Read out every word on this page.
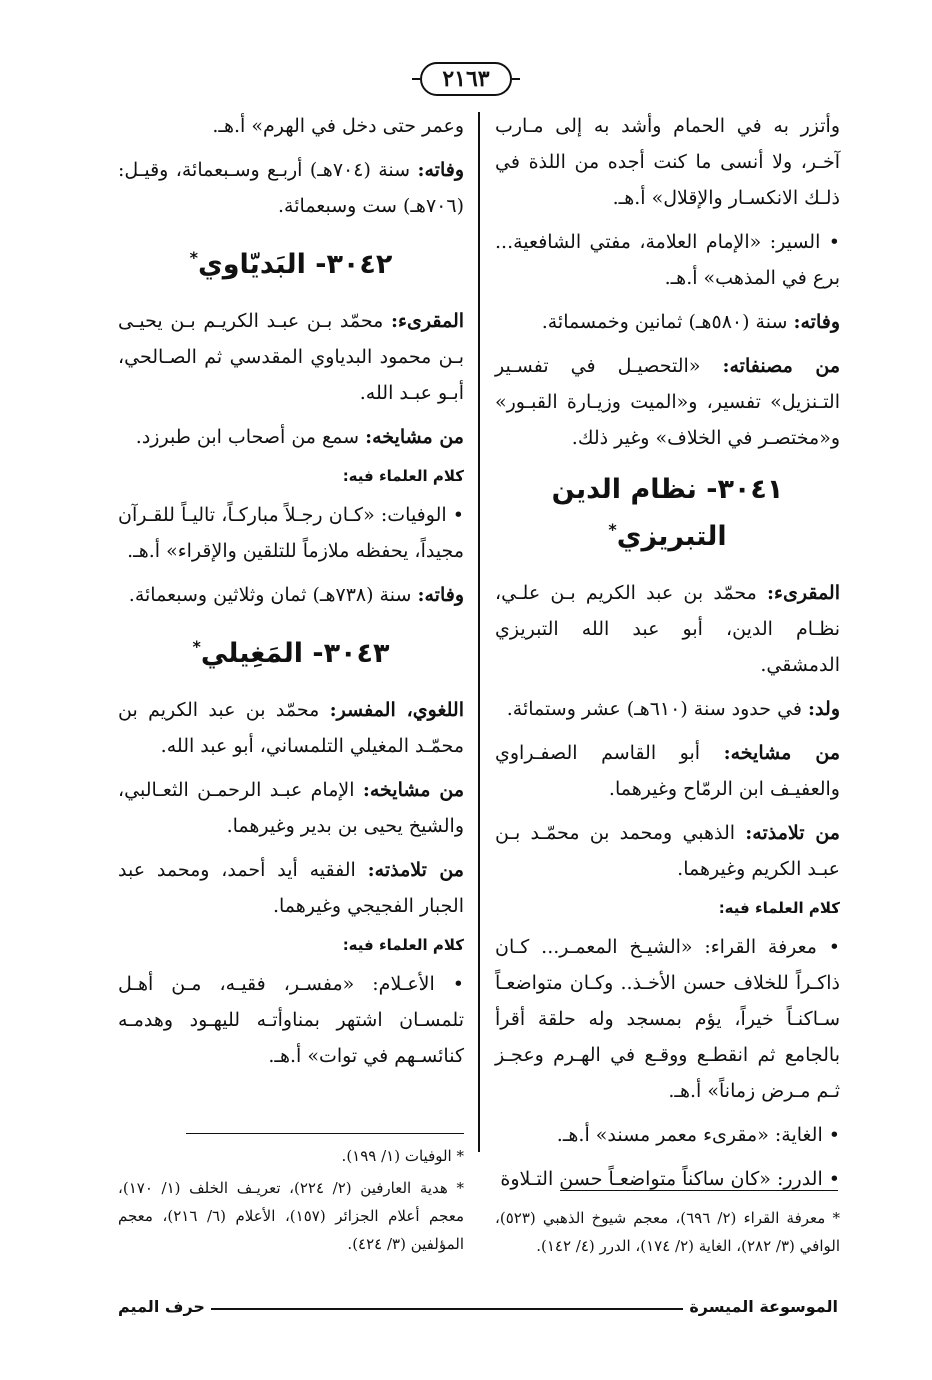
٢١٦٣

وأتزر به في الحمام وأشد به إلى مـارب آخـر، ولا أنسى ما كنت أجده من اللذة في ذلـك الانكسـار والإقلال» أ.هـ.

• السير: «الإمام العلامة، مفتي الشافعية... برع في المذهب» أ.هـ.

وفاته: سنة (٥٨٠هـ) ثمانين وخمسمائة.

من مصنفاته: «التحصيـل في تفسـير التـنزيل» تفسير، و«الميت وزيـارة القبـور» و«مختصـر في الخلاف» وغير ذلك.

٣٠٤١- نظام الدين التبريزي*

المقرىء: محمّد بن عبد الكريم بـن علـي، نظـام الدين، أبو عبد الله التبريزي الدمشقي.

ولد: في حدود سنة (٦١٠هـ) عشر وستمائة.

من مشايخه: أبو القاسم الصفـراوي والعفيـف ابن الرمّاح وغيرهما.

من تلامذته: الذهبي ومحمد بن محمّـد بـن عبـد الكريم وغيرهما.

كلام العلماء فيه:

• معرفة القراء: «الشيـخ المعمـر... كـان ذاكـراً للخلاف حسن الأخـذ.. وكـان متواضعـاً سـاكنـاً خيراً، يؤم بمسجد وله حلقة أقرأ بالجامع ثم انقطـع ووقـع في الهـرم وعجـز ثـم مـرض زماناً» أ.هـ.

• الغاية: «مقرىء معمر مسند» أ.هـ.

• الدرر: «كان ساكناً متواضعـاً حسن التـلاوة

وعمر حتى دخل في الهرم» أ.هـ.

وفاته: سنة (٧٠٤هـ) أربـع وسـبعمائة، وقيـل: (٧٠٦هـ) ست وسبعمائة.

٣٠٤٢- البَديّاوي*

المقرىء: محمّد بـن عبـد الكريـم بـن يحيـى بـن محمود البدياوي المقدسي ثم الصـالحي، أبـو عبـد الله.

من مشايخه: سمع من أصحاب ابن طبرزد.

كلام العلماء فيه:

• الوفيات: «كـان رجـلاً مباركـاً، تاليـاً للقـرآن مجيداً، يحفظه ملازماً للتلقين والإقراء» أ.هـ.

وفاته: سنة (٧٣٨هـ) ثمان وثلاثين وسبعمائة.

٣٠٤٣- المَغِيلي*

اللغوي، المفسر: محمّد بن عبد الكريم بن محمّـد المغيلي التلمساني، أبو عبد الله.

من مشايخه: الإمام عبـد الرحمـن الثعـالبي، والشيخ يحيى بن بدير وغيرهما.

من تلامذته: الفقيه أيد أحمد، ومحمد عبد الجبار الفجيجي وغيرهما.

كلام العلماء فيه:

• الأعـلام: «مفسـر، فقيـه، مـن أهـل تلمسـان اشتهر بمناوأتـه لليهـود وهدمـه كنائسـهم في توات» أ.هـ.

* معرفة القراء (٢/ ٦٩٦)، معجم شيوخ الذهبي (٥٢٣)، الوافي (٣/ ٢٨٢)، الغاية (٢/ ١٧٤)، الدرر (٤/ ١٤٢).

* الوفيات (١/ ١٩٩).

* هدية العارفين (٢/ ٢٢٤)، تعريـف الخلف (١/ ١٧٠)، معجم أعلام الجزائر (١٥٧)، الأعلام (٦/ ٢١٦)، معجم المؤلفين (٣/ ٤٢٤).

الموسوعة الميسرة
حرف الميم
